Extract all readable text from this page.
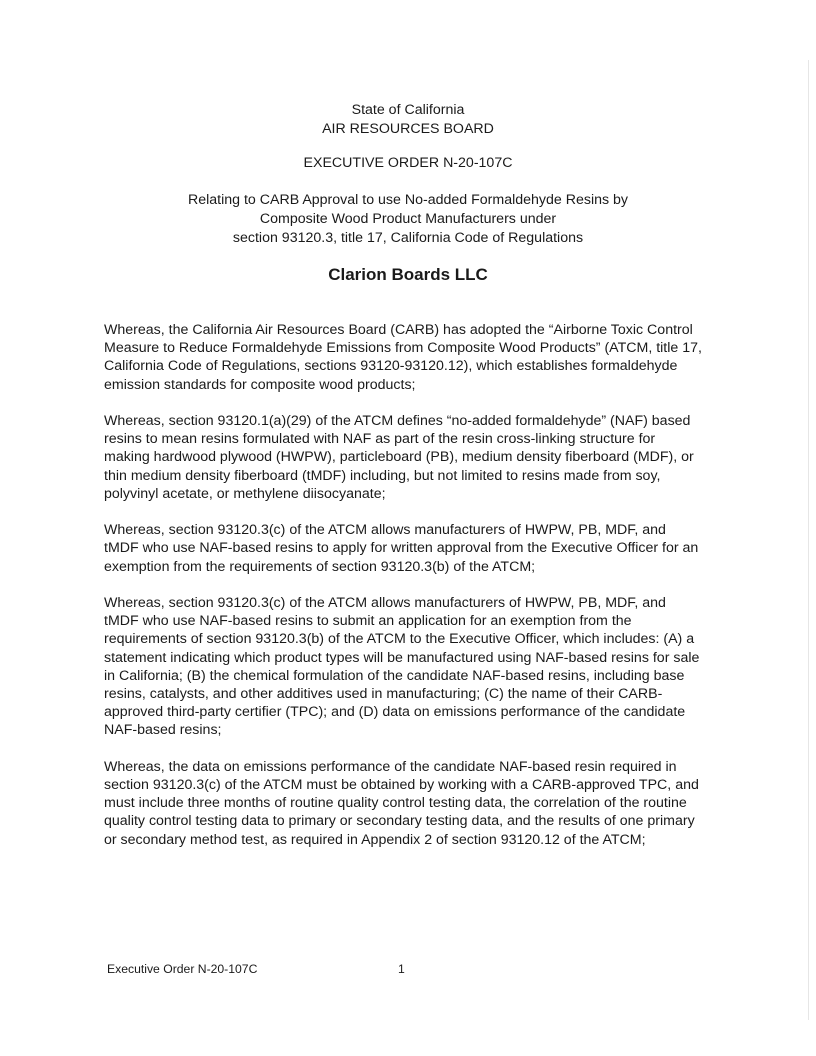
State of California
AIR RESOURCES BOARD
EXECUTIVE ORDER N-20-107C
Relating to CARB Approval to use No-added Formaldehyde Resins by
Composite Wood Product Manufacturers under
section 93120.3, title 17, California Code of Regulations
Clarion Boards LLC

Whereas, the California Air Resources Board (CARB) has adopted the “Airborne Toxic Control Measure to Reduce Formaldehyde Emissions from Composite Wood Products” (ATCM, title 17, California Code of Regulations, sections 93120-93120.12), which establishes formaldehyde emission standards for composite wood products;

Whereas, section 93120.1(a)(29) of the ATCM defines “no-added formaldehyde” (NAF) based resins to mean resins formulated with NAF as part of the resin cross-linking structure for making hardwood plywood (HWPW), particleboard (PB), medium density fiberboard (MDF), or thin medium density fiberboard (tMDF) including, but not limited to resins made from soy, polyvinyl acetate, or methylene diisocyanate;

Whereas, section 93120.3(c) of the ATCM allows manufacturers of HWPW, PB, MDF, and tMDF who use NAF-based resins to apply for written approval from the Executive Officer for an exemption from the requirements of section 93120.3(b) of the ATCM;

Whereas, section 93120.3(c) of the ATCM allows manufacturers of HWPW, PB, MDF, and tMDF who use NAF-based resins to submit an application for an exemption from the requirements of section 93120.3(b) of the ATCM to the Executive Officer, which includes: (A) a statement indicating which product types will be manufactured using NAF-based resins for sale in California; (B) the chemical formulation of the candidate NAF-based resins, including base resins, catalysts, and other additives used in manufacturing; (C) the name of their CARB-approved third-party certifier (TPC); and (D) data on emissions performance of the candidate NAF-based resins;

Whereas, the data on emissions performance of the candidate NAF-based resin required in section 93120.3(c) of the ATCM must be obtained by working with a CARB-approved TPC, and must include three months of routine quality control testing data, the correlation of the routine quality control testing data to primary or secondary testing data, and the results of one primary or secondary method test, as required in Appendix 2 of section 93120.12 of the ATCM;

Executive Order N-20-107C	1
